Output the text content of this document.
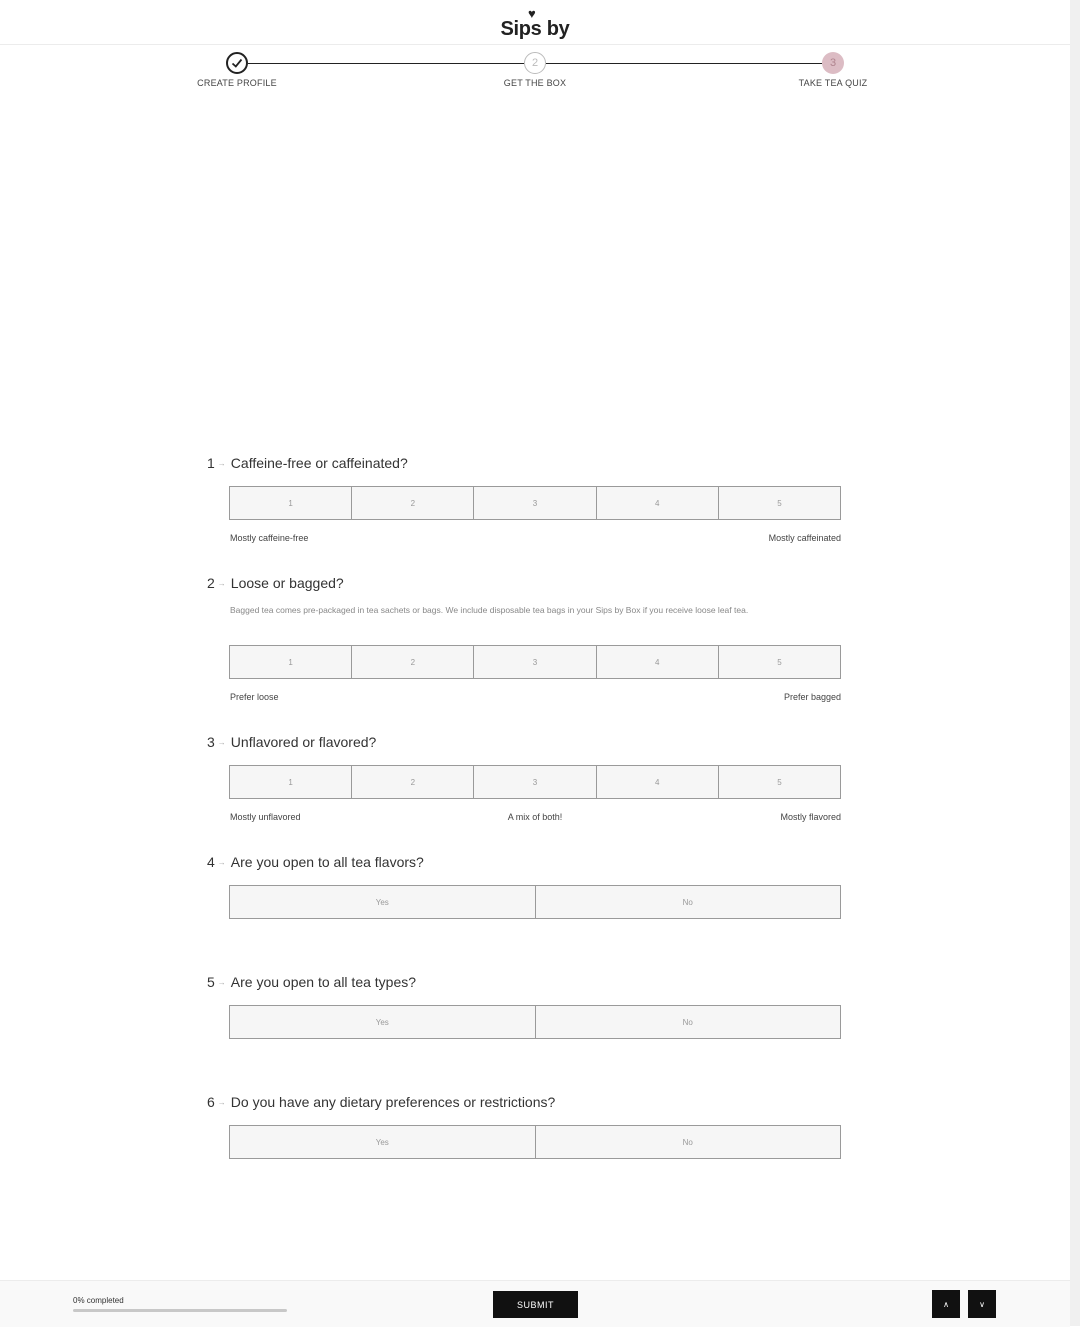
♥
Sips by
2	3
CREATE PROFILE	GET THE BOX	TAKE TEA QUIZ
1 → Caffeine-free or caffeinated?
1	2	3	4	5
Mostly caffeine-free	Mostly caffeinated
2 → Loose or bagged?
Bagged tea comes pre-packaged in tea sachets or bags. We include disposable tea bags in your Sips by Box if you receive loose leaf tea.
1	2	3	4	5
Prefer loose	Prefer bagged
3 → Unflavored or flavored?
1	2	3	4	5
Mostly unflavored	A mix of both!	Mostly flavored
4 → Are you open to all tea flavors?
Yes	No
5 → Are you open to all tea types?
Yes	No
6 → Do you have any dietary preferences or restrictions?
Yes	No
0% completed	SUBMIT	∧	∨
